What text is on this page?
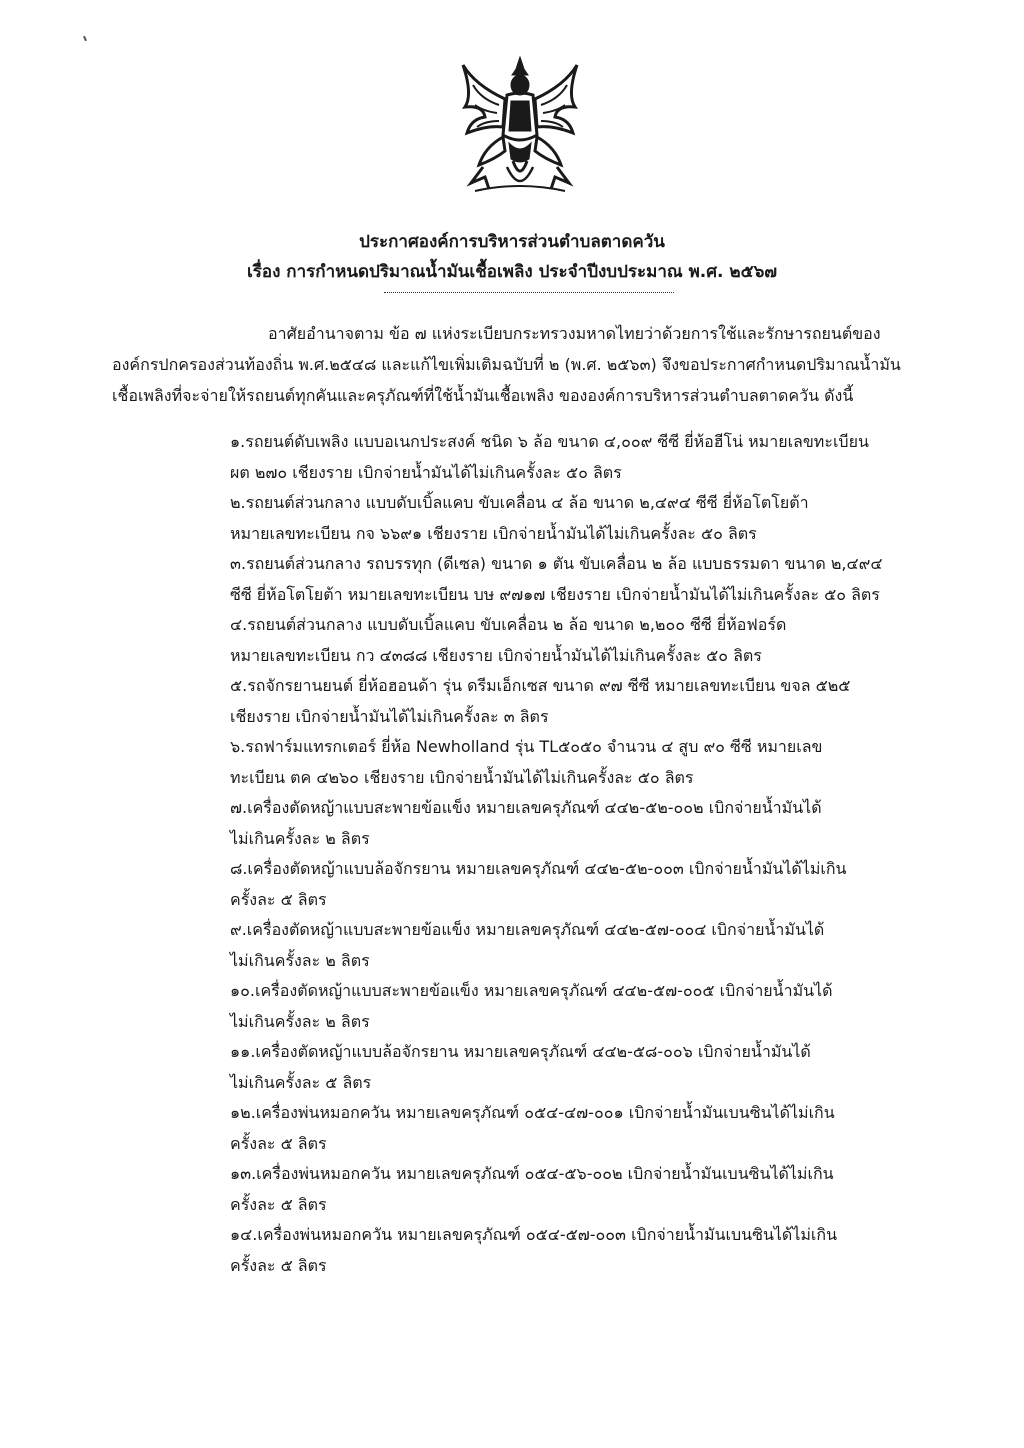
ประกาศองค์การบริหารส่วนตำบลตาดควัน
เรื่อง การกำหนดปริมาณน้ำมันเชื้อเพลิง ประจำปีงบประมาณ พ.ศ. ๒๕๖๗
อาศัยอำนาจตาม ข้อ ๗ แห่งระเบียบกระทรวงมหาดไทยว่าด้วยการใช้และรักษารถยนต์ของ
องค์กรปกครองส่วนท้องถิ่น พ.ศ.๒๕๔๘ และแก้ไขเพิ่มเติมฉบับที่ ๒ (พ.ศ. ๒๕๖๓) จึงขอประกาศกำหนดปริมาณน้ำมัน
เชื้อเพลิงที่จะจ่ายให้รถยนต์ทุกคันและครุภัณฑ์ที่ใช้น้ำมันเชื้อเพลิง ขององค์การบริหารส่วนตำบลตาดควัน ดังนี้

๑.รถยนต์ดับเพลิง แบบอเนกประสงค์ ชนิด ๖ ล้อ ขนาด ๔,๐๐๙ ซีซี ยี่ห้อฮีโน่ หมายเลขทะเบียน

ผต ๒๗๐ เชียงราย เบิกจ่ายน้ำมันได้ไม่เกินครั้งละ ๕๐ ลิตร

๒.รถยนต์ส่วนกลาง แบบดับเบิ้ลแคบ ขับเคลื่อน ๔ ล้อ ขนาด ๒,๔๙๔ ซีซี ยี่ห้อโตโยต้า

หมายเลขทะเบียน กจ ๖๖๙๑ เชียงราย เบิกจ่ายน้ำมันได้ไม่เกินครั้งละ ๕๐ ลิตร

๓.รถยนต์ส่วนกลาง รถบรรทุก (ดีเซล) ขนาด ๑ ตัน ขับเคลื่อน ๒ ล้อ แบบธรรมดา ขนาด ๒,๔๙๔

ซีซี ยี่ห้อโตโยต้า หมายเลขทะเบียน บษ ๙๗๑๗ เชียงราย เบิกจ่ายน้ำมันได้ไม่เกินครั้งละ ๕๐ ลิตร

๔.รถยนต์ส่วนกลาง แบบดับเบิ้ลแคบ ขับเคลื่อน ๒ ล้อ ขนาด ๒,๒๐๐ ซีซี ยี่ห้อฟอร์ด

หมายเลขทะเบียน กว ๔๓๘๘ เชียงราย เบิกจ่ายน้ำมันได้ไม่เกินครั้งละ ๕๐ ลิตร

๕.รถจักรยานยนต์ ยี่ห้อฮอนด้า รุ่น ดรีมเอ็กเซส ขนาด ๙๗ ซีซี หมายเลขทะเบียน ขจล ๕๒๕

เชียงราย เบิกจ่ายน้ำมันได้ไม่เกินครั้งละ ๓ ลิตร

๖.รถฟาร์มแทรกเตอร์ ยี่ห้อ Newholland รุ่น TL๕๐๕๐ จำนวน ๔ สูบ ๙๐ ซีซี หมายเลข

ทะเบียน ตค ๔๒๖๐ เชียงราย เบิกจ่ายน้ำมันได้ไม่เกินครั้งละ ๕๐ ลิตร

๗.เครื่องตัดหญ้าแบบสะพายข้อแข็ง หมายเลขครุภัณฑ์ ๔๔๒-๕๒-๐๐๒ เบิกจ่ายน้ำมันได้

ไม่เกินครั้งละ ๒ ลิตร

๘.เครื่องตัดหญ้าแบบล้อจักรยาน หมายเลขครุภัณฑ์ ๔๔๒-๕๒-๐๐๓ เบิกจ่ายน้ำมันได้ไม่เกิน

ครั้งละ ๕ ลิตร

๙.เครื่องตัดหญ้าแบบสะพายข้อแข็ง หมายเลขครุภัณฑ์ ๔๔๒-๕๗-๐๐๔ เบิกจ่ายน้ำมันได้

ไม่เกินครั้งละ ๒ ลิตร

๑๐.เครื่องตัดหญ้าแบบสะพายข้อแข็ง หมายเลขครุภัณฑ์ ๔๔๒-๕๗-๐๐๕ เบิกจ่ายน้ำมันได้

ไม่เกินครั้งละ ๒ ลิตร

๑๑.เครื่องตัดหญ้าแบบล้อจักรยาน หมายเลขครุภัณฑ์ ๔๔๒-๕๘-๐๐๖ เบิกจ่ายน้ำมันได้

ไม่เกินครั้งละ ๕ ลิตร

๑๒.เครื่องพ่นหมอกควัน หมายเลขครุภัณฑ์ ๐๕๔-๔๗-๐๐๑ เบิกจ่ายน้ำมันเบนซินได้ไม่เกิน

ครั้งละ ๕ ลิตร

๑๓.เครื่องพ่นหมอกควัน หมายเลขครุภัณฑ์ ๐๕๔-๕๖-๐๐๒ เบิกจ่ายน้ำมันเบนซินได้ไม่เกิน

ครั้งละ ๕ ลิตร

๑๔.เครื่องพ่นหมอกควัน หมายเลขครุภัณฑ์ ๐๕๔-๕๗-๐๐๓ เบิกจ่ายน้ำมันเบนซินได้ไม่เกิน

ครั้งละ ๕ ลิตร
